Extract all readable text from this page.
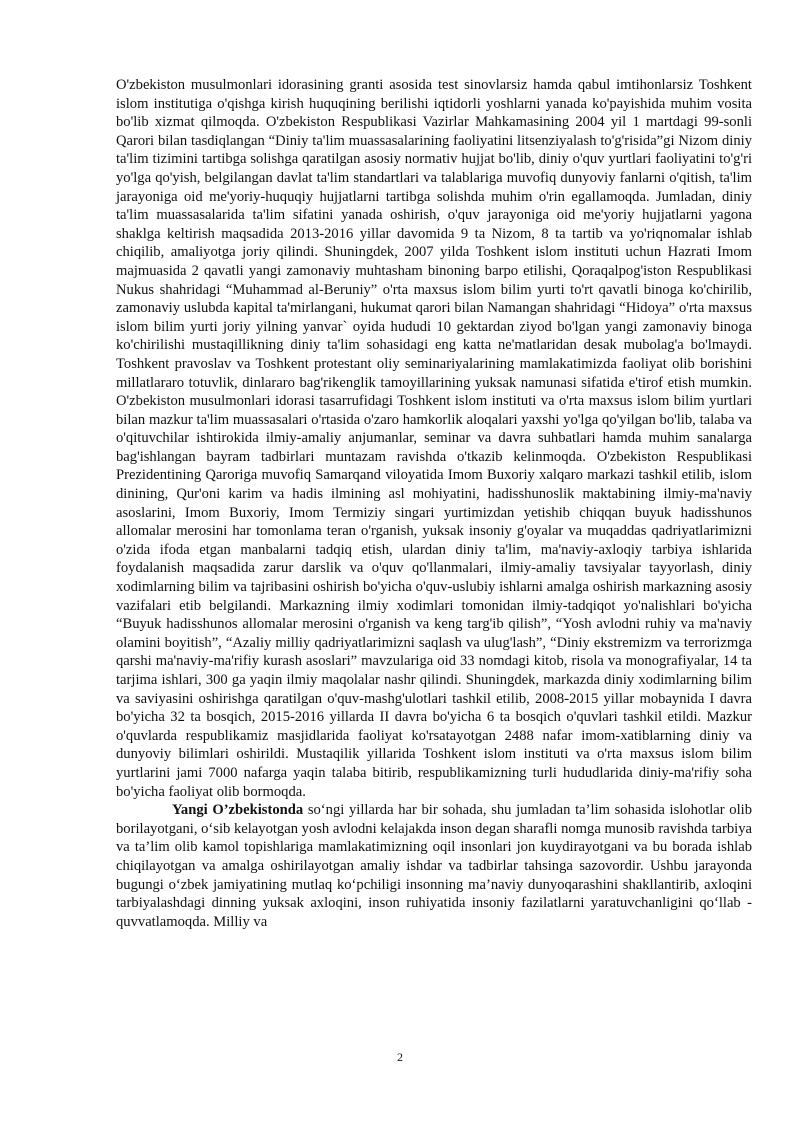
O'zbekiston musulmonlari idorasining granti asosida test sinovlarsiz hamda qabul imtihonlarsiz Toshkent islom institutiga o'qishga kirish huquqining berilishi iqtidorli yoshlarni yanada ko'payishida muhim vosita bo'lib xizmat qilmoqda. O'zbekiston Respublikasi Vazirlar Mahkamasining 2004 yil 1 martdagi 99-sonli Qarori bilan tasdiqlangan “Diniy ta'lim muassasalarining faoliyatini litsenziyalash to'g'risida”gi Nizom diniy ta'lim tizimini tartibga solishga qaratilgan asosiy normativ hujjat bo'lib, diniy o'quv yurtlari faoliyatini to'g'ri yo'lga qo'yish, belgilangan davlat ta'lim standartlari va talablariga muvofiq dunyoviy fanlarni o'qitish, ta'lim jarayoniga oid me'yoriy-huquqiy hujjatlarni tartibga solishda muhim o'rin egallamoqda. Jumladan, diniy ta'lim muassasalarida ta'lim sifatini yanada oshirish, o'quv jarayoniga oid me'yoriy hujjatlarni yagona shaklga keltirish maqsadida 2013-2016 yillar davomida 9 ta Nizom, 8 ta tartib va yo'riqnomalar ishlab chiqilib, amaliyotga joriy qilindi. Shuningdek, 2007 yilda Toshkent islom instituti uchun Hazrati Imom majmuasida 2 qavatli yangi zamonaviy muhtasham binoning barpo etilishi, Qoraqalpog'iston Respublikasi Nukus shahridagi “Muhammad al-Beruniy” o'rta maxsus islom bilim yurti to'rt qavatli binoga ko'chirilib, zamonaviy uslubda kapital ta'mirlangani, hukumat qarori bilan Namangan shahridagi “Hidoya” o'rta maxsus islom bilim yurti joriy yilning yanvar` oyida hududi 10 gektardan ziyod bo'lgan yangi zamonaviy binoga ko'chirilishi mustaqillikning diniy ta'lim sohasidagi eng katta ne'matlaridan desak mubolag'a bo'lmaydi. Toshkent pravoslav va Toshkent protestant oliy seminariyalarining mamlakatimizda faoliyat olib borishini millatlararo totuvlik, dinlararo bag'rikenglik tamoyillarining yuksak namunasi sifatida e'tirof etish mumkin. O'zbekiston musulmonlari idorasi tasarrufidagi Toshkent islom instituti va o'rta maxsus islom bilim yurtlari bilan mazkur ta'lim muassasalari o'rtasida o'zaro hamkorlik aloqalari yaxshi yo'lga qo'yilgan bo'lib, talaba va o'qituvchilar ishtirokida ilmiy-amaliy anjumanlar, seminar va davra suhbatlari hamda muhim sanalarga bag'ishlangan bayram tadbirlari muntazam ravishda o'tkazib kelinmoqda. O'zbekiston Respublikasi Prezidentining Qaroriga muvofiq Samarqand viloyatida Imom Buxoriy xalqaro markazi tashkil etilib, islom dinining, Qur'oni karim va hadis ilmining asl mohiyatini, hadisshunoslik maktabining ilmiy-ma'naviy asoslarini, Imom Buxoriy, Imom Termiziy singari yurtimizdan yetishib chiqqan buyuk hadisshunos allomalar merosini har tomonlama teran o'rganish, yuksak insoniy g'oyalar va muqaddas qadriyatlarimizni o'zida ifoda etgan manbalarni tadqiq etish, ulardan diniy ta'lim, ma'naviy-axloqiy tarbiya ishlarida foydalanish maqsadida zarur darslik va o'quv qo'llanmalari, ilmiy-amaliy tavsiyalar tayyorlash, diniy xodimlarning bilim va tajribasini oshirish bo'yicha o'quv-uslubiy ishlarni amalga oshirish markazning asosiy vazifalari etib belgilandi. Markazning ilmiy xodimlari tomonidan ilmiy-tadqiqot yo'nalishlari bo'yicha “Buyuk hadisshunos allomalar merosini o'rganish va keng targ'ib qilish”, “Yosh avlodni ruhiy va ma'naviy olamini boyitish”, “Azaliy milliy qadriyatlarimizni saqlash va ulug'lash”, “Diniy ekstremizm va terrorizmga qarshi ma'naviy-ma'rifiy kurash asoslari” mavzulariga oid 33 nomdagi kitob, risola va monografiyalar, 14 ta tarjima ishlari, 300 ga yaqin ilmiy maqolalar nashr qilindi. Shuningdek, markazda diniy xodimlarning bilim va saviyasini oshirishga qaratilgan o'quv-mashg'ulotlari tashkil etilib, 2008-2015 yillar mobaynida I davra bo'yicha 32 ta bosqich, 2015-2016 yillarda II davra bo'yicha 6 ta bosqich o'quvlari tashkil etildi. Mazkur o'quvlarda respublikamiz masjidlarida faoliyat ko'rsatayotgan 2488 nafar imom-xatiblarning diniy va dunyoviy bilimlari oshirildi. Mustaqilik yillarida Toshkent islom instituti va o'rta maxsus islom bilim yurtlarini jami 7000 nafarga yaqin talaba bitirib, respublikamizning turli hududlarida diniy-ma'rifiy soha bo'yicha faoliyat olib bormoqda.

Yangi O’zbekistonda so‘ngi yillarda har bir sohada, shu jumladan ta’lim sohasida islohotlar olib borilayotgani, o‘sib kelayotgan yosh avlodni kelajakda inson degan sharafli nomga munosib ravishda tarbiya va ta’lim olib kamol topishlariga mamlakatimizning oqil insonlari jon kuydirayotgani va bu borada ishlab chiqilayotgan va amalga oshirilayotgan amaliy ishdar va tadbirlar tahsinga sazovordir. Ushbu jarayonda bugungi o‘zbek jamiyatining mutlaq ko‘pchiligi insonning ma’naviy dunyoqarashini shakllantirib, axloqini tarbiyalashdagi dinning yuksak axloqini, inson ruhiyatida insoniy fazilatlarni yaratuvchanligini qo‘llab - quvvatlamoqda. Milliy va

2
